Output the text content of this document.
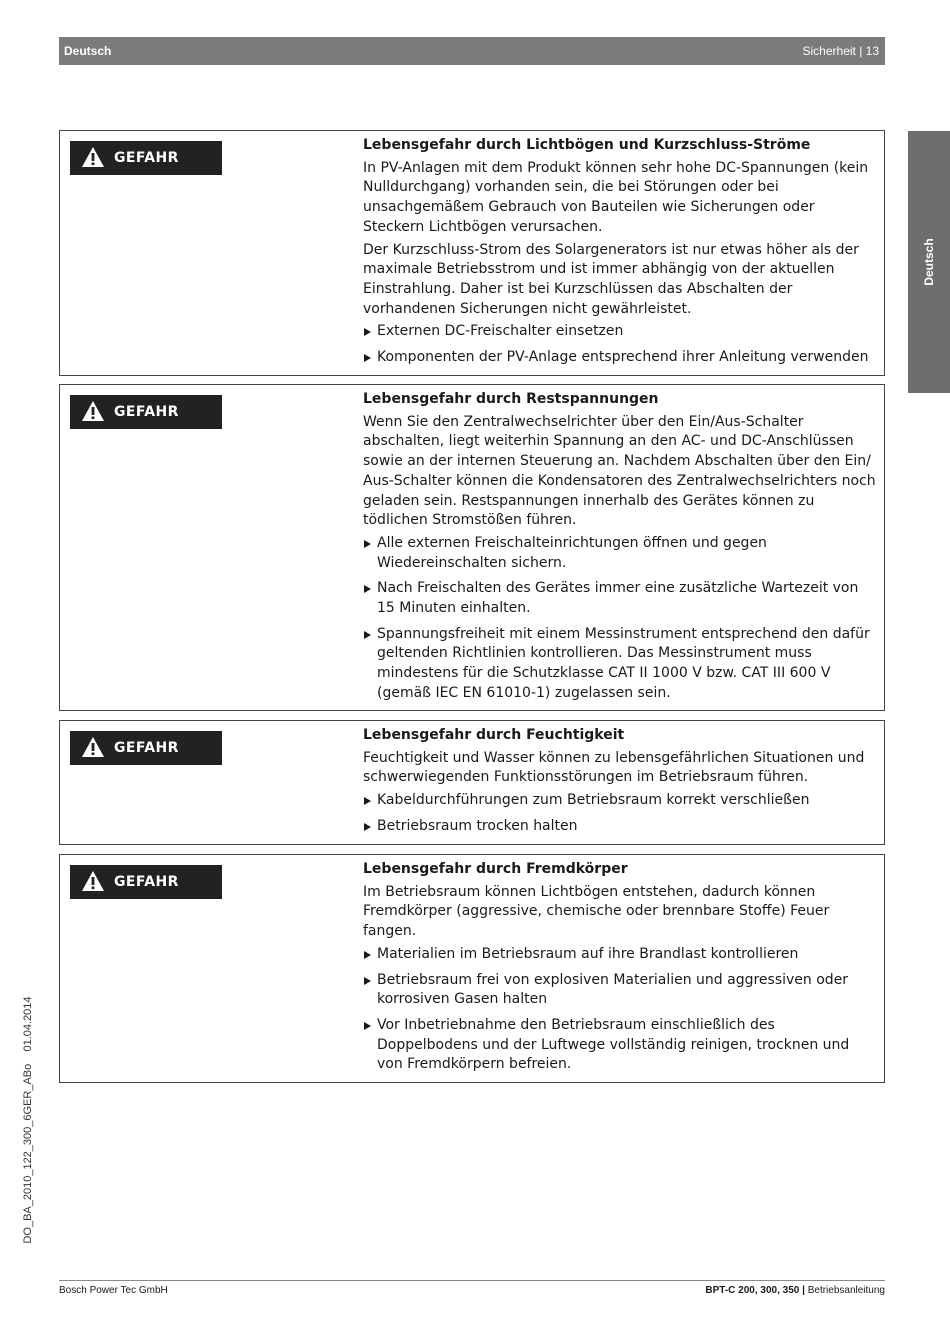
Deutsch	Sicherheit | 13
Deutsch
GEFAHR
Lebensgefahr durch Lichtbögen und Kurzschluss-Ströme
In PV-Anlagen mit dem Produkt können sehr hohe DC-Spannungen (kein Nulldurchgang) vorhanden sein, die bei Störungen oder bei unsachgemäßem Gebrauch von Bauteilen wie Sicherungen oder Steckern Lichtbögen verursachen.
Der Kurzschluss-Strom des Solargenerators ist nur etwas höher als der maximale Betriebsstrom und ist immer abhängig von der aktuellen Einstrahlung. Daher ist bei Kurzschlüssen das Abschalten der vorhandenen Sicherungen nicht gewährleistet.
Externen DC-Freischalter einsetzen
Komponenten der PV-Anlage entsprechend ihrer Anleitung verwenden
GEFAHR
Lebensgefahr durch Restspannungen
Wenn Sie den Zentralwechselrichter über den Ein/Aus-Schalter abschalten, liegt weiterhin Spannung an den AC- und DC-Anschlüssen sowie an der internen Steuerung an. Nachdem Abschalten über den Ein/ Aus-Schalter können die Kondensatoren des Zentralwechselrichters noch geladen sein. Restspannungen innerhalb des Gerätes können zu tödlichen Stromstößen führen.
Alle externen Freischalteinrichtungen öffnen und gegen Wiedereinschalten sichern.
Nach Freischalten des Gerätes immer eine zusätzliche Wartezeit von 15 Minuten einhalten.
Spannungsfreiheit mit einem Messinstrument entsprechend den dafür geltenden Richtlinien kontrollieren. Das Messinstrument muss mindestens für die Schutzklasse CAT II 1000 V bzw. CAT III 600 V (gemäß IEC EN 61010-1) zugelassen sein.
GEFAHR
Lebensgefahr durch Feuchtigkeit
Feuchtigkeit und Wasser können zu lebensgefährlichen Situationen und schwerwiegenden Funktionsstörungen im Betriebsraum führen.
Kabeldurchführungen zum Betriebsraum korrekt verschließen
Betriebsraum trocken halten
GEFAHR
Lebensgefahr durch Fremdkörper
Im Betriebsraum können Lichtbögen entstehen, dadurch können Fremdkörper (aggressive, chemische oder brennbare Stoffe) Feuer fangen.
Materialien im Betriebsraum auf ihre Brandlast kontrollieren
Betriebsraum frei von explosiven Materialien und aggressiven oder korrosiven Gasen halten
Vor Inbetriebnahme den Betriebsraum einschließlich des Doppelbodens und der Luftwege vollständig reinigen, trocknen und von Fremdkörpern befreien.
DO_BA_2010_122_300_6GER_ABo    01.04.2014
Bosch Power Tec GmbH	BPT-C 200, 300, 350 | Betriebsanleitung
